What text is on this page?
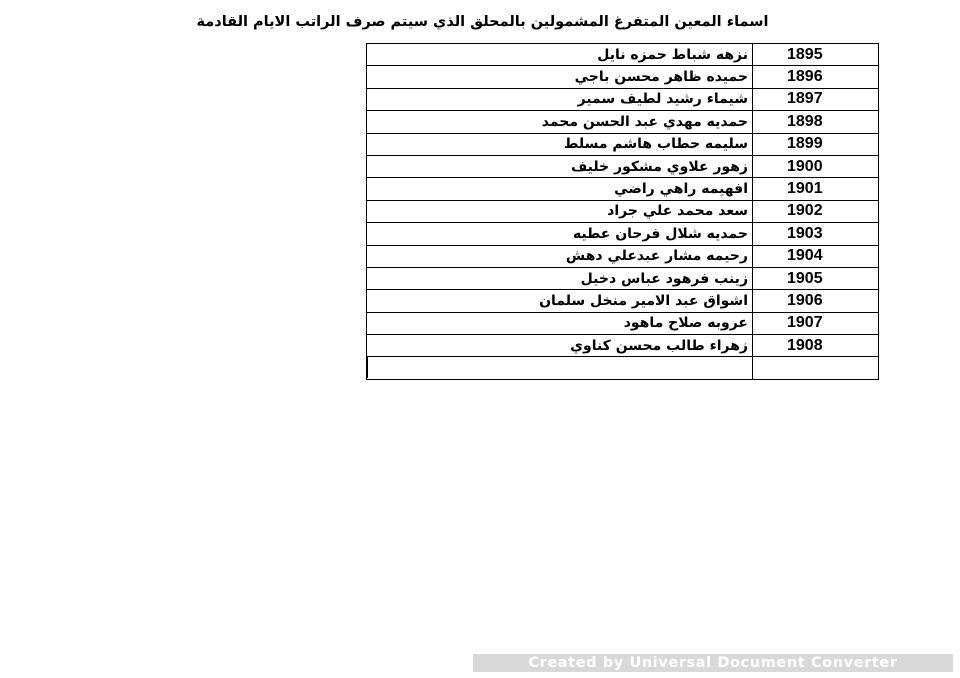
اسماء المعين المتفرغ المشمولين بالمحلق الذي سيتم صرف الراتب الايام القادمة
1895	نزهه شباط حمزه نايل
1896	حميده ظاهر محسن باجي
1897	شيماء رشيد لطيف سمير
1898	حمديه مهدي عبد الحسن محمد
1899	سليمه حطاب هاشم مسلط
1900	زهور علاوي مشكور خليف
1901	افهيمه راهي راضي
1902	سعد محمد علي جراد
1903	حمديه شلال فرحان عطيه
1904	رحيمه مشار عبدعلي دهش
1905	زينب فرهود عباس دخيل
1906	اشواق عبد الامير منخل سلمان
1907	عروبه صلاح ماهود
1908	زهراء طالب محسن كناوي

Created by Universal Document Converter
